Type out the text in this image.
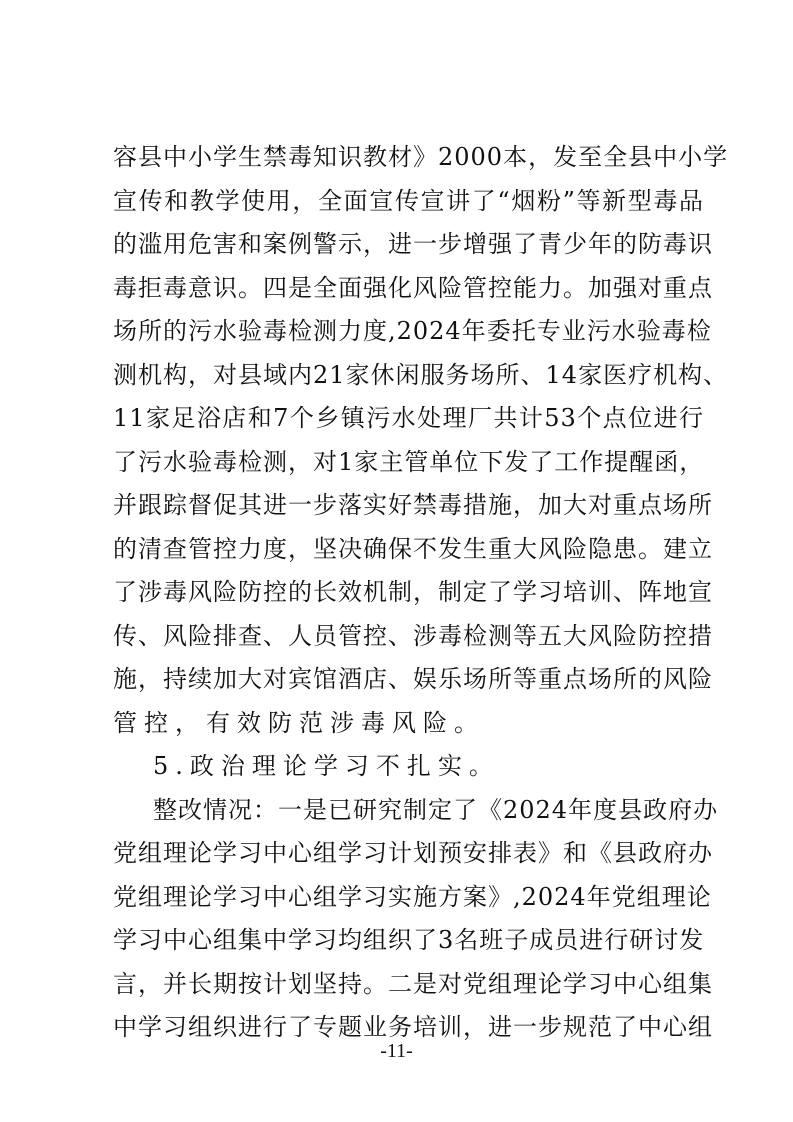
容县中小学生禁毒知识教材》2000本，发至全县中小学
宣传和教学使用，全面宣传宣讲了“烟粉”等新型毒品
的滥用危害和案例警示，进一步增强了青少年的防毒识
毒拒毒意识。四是全面强化风险管控能力。加强对重点
场所的污水验毒检测力度,2024年委托专业污水验毒检
测机构，对县域内21家休闲服务场所、14家医疗机构、
11家足浴店和7个乡镇污水处理厂共计53个点位进行
了污水验毒检测，对1家主管单位下发了工作提醒函，
并跟踪督促其进一步落实好禁毒措施，加大对重点场所
的清查管控力度，坚决确保不发生重大风险隐患。建立
了涉毒风险防控的长效机制，制定了学习培训、阵地宣
传、风险排查、人员管控、涉毒检测等五大风险防控措
施，持续加大对宾馆酒店、娱乐场所等重点场所的风险
管控，有效防范涉毒风险。
5.政治理论学习不扎实。
整改情况：一是已研究制定了《2024年度县政府办
党组理论学习中心组学习计划预安排表》和《县政府办
党组理论学习中心组学习实施方案》,2024年党组理论
学习中心组集中学习均组织了3名班子成员进行研讨发
言，并长期按计划坚持。二是对党组理论学习中心组集
中学习组织进行了专题业务培训，进一步规范了中心组
-11-
